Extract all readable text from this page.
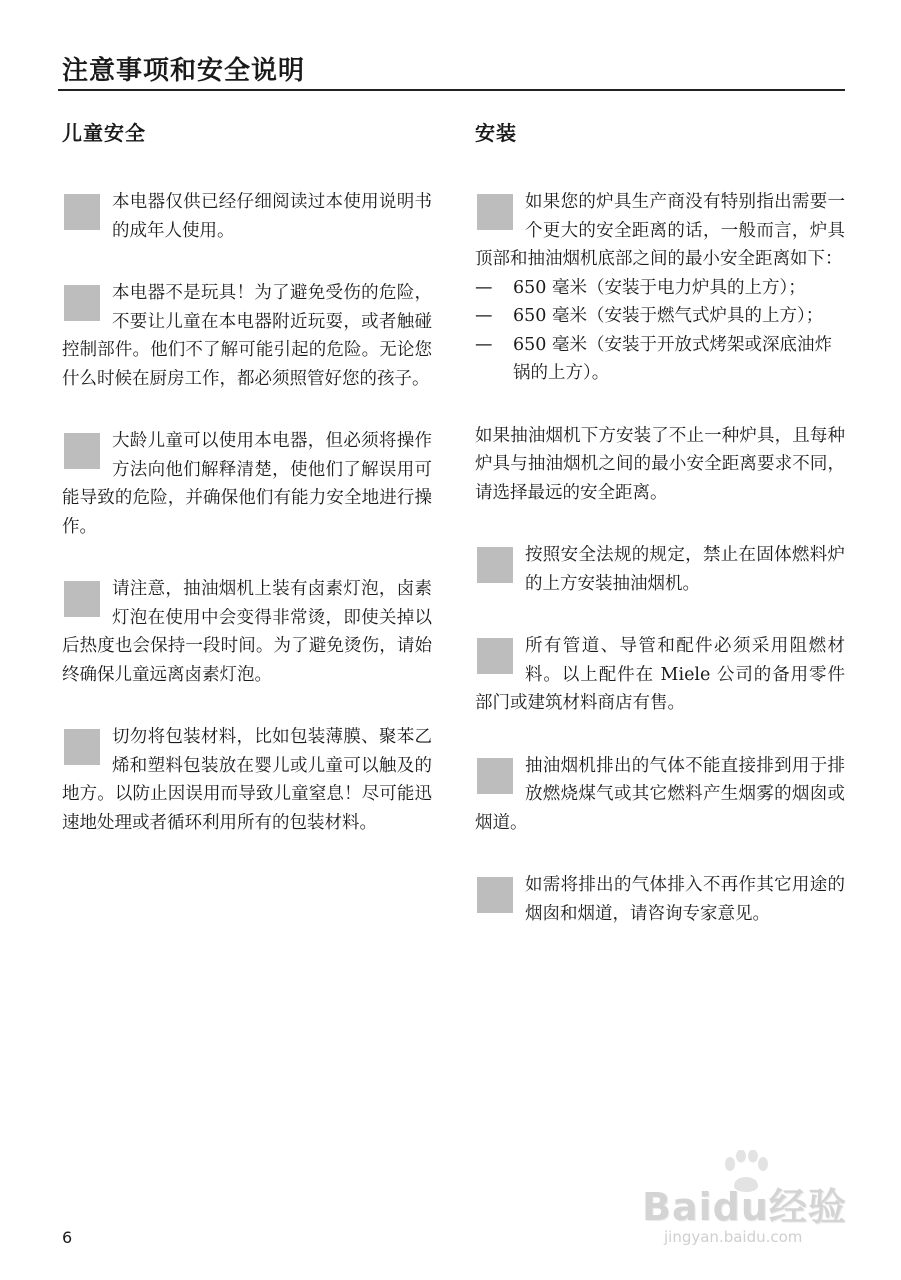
注意事项和安全说明
儿童安全
本电器仅供已经仔细阅读过本使用说明书的成年人使用。
本电器不是玩具！为了避免受伤的危险，不要让儿童在本电器附近玩耍，或者触碰控制部件。他们不了解可能引起的危险。无论您什么时候在厨房工作，都必须照管好您的孩子。
大龄儿童可以使用本电器，但必须将操作方法向他们解释清楚，使他们了解误用可能导致的危险，并确保他们有能力安全地进行操作。
请注意，抽油烟机上装有卤素灯泡，卤素灯泡在使用中会变得非常烫，即使关掉以后热度也会保持一段时间。为了避免烫伤，请始终确保儿童远离卤素灯泡。
切勿将包装材料，比如包装薄膜、聚苯乙烯和塑料包装放在婴儿或儿童可以触及的地方。以防止因误用而导致儿童窒息！尽可能迅速地处理或者循环利用所有的包装材料。
安装
如果您的炉具生产商没有特别指出需要一个更大的安全距离的话，一般而言，炉具顶部和抽油烟机底部之间的最小安全距离如下：
— 650 毫米（安装于电力炉具的上方）；
— 650 毫米（安装于燃气式炉具的上方）；
— 650 毫米（安装于开放式烤架或深底油炸锅的上方）。
如果抽油烟机下方安装了不止一种炉具，且每种炉具与抽油烟机之间的最小安全距离要求不同，请选择最远的安全距离。
按照安全法规的规定，禁止在固体燃料炉的上方安装抽油烟机。
所有管道、导管和配件必须采用阻燃材料。以上配件在 Miele 公司的备用零件部门或建筑材料商店有售。
抽油烟机排出的气体不能直接排到用于排放燃烧煤气或其它燃料产生烟雾的烟囱或烟道。
如需将排出的气体排入不再作其它用途的烟囱和烟道，请咨询专家意见。
6
Baidu经验
jingyan.baidu.com
